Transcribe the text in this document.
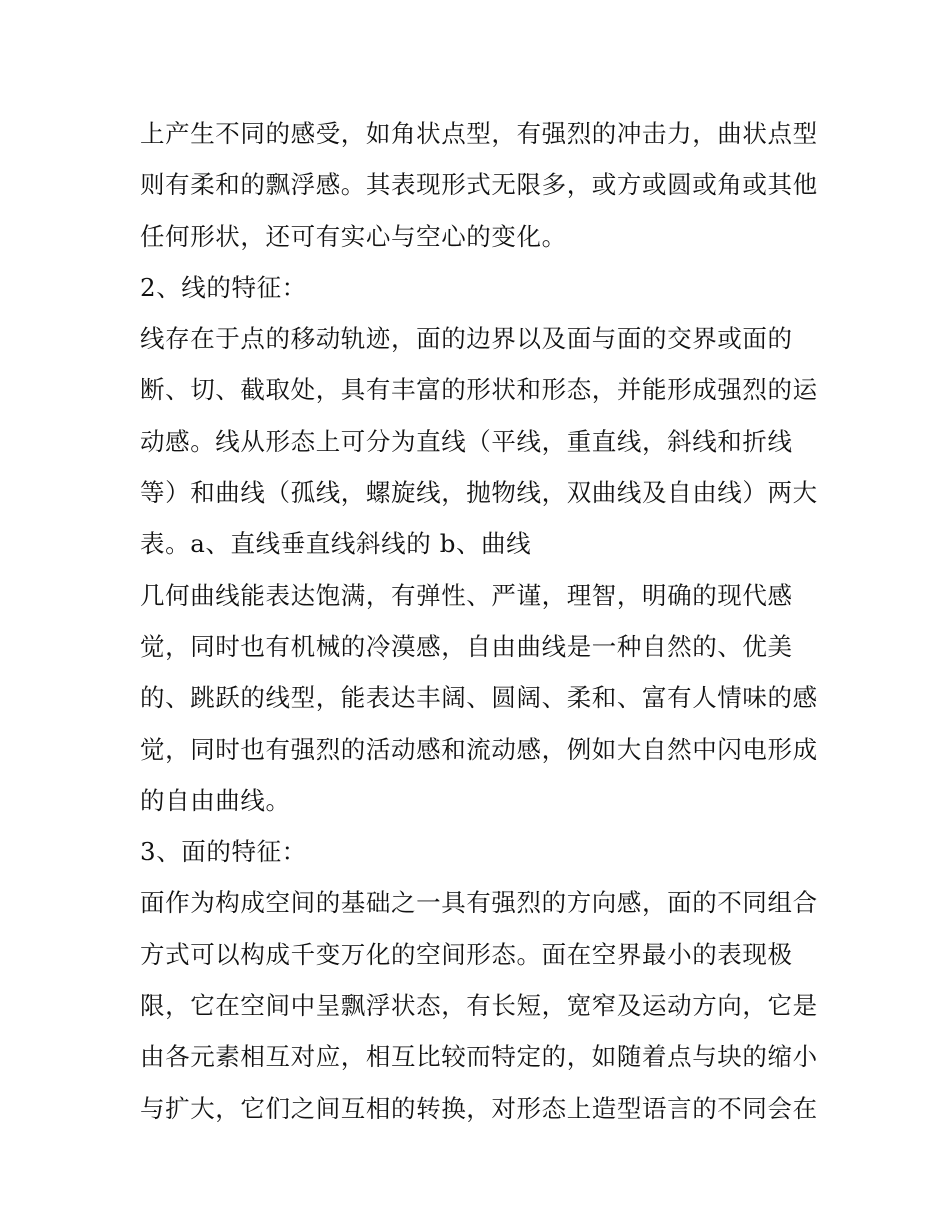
上产生不同的感受，如角状点型，有强烈的冲击力，曲状点型
则有柔和的飘浮感。其表现形式无限多，或方或圆或角或其他
任何形状，还可有实心与空心的变化。
2、线的特征：
线存在于点的移动轨迹，面的边界以及面与面的交界或面的
断、切、截取处，具有丰富的形状和形态，并能形成强烈的运
动感。线从形态上可分为直线（平线，重直线，斜线和折线
等）和曲线（孤线，螺旋线，抛物线，双曲线及自由线）两大
表。a、直线垂直线斜线的 b、曲线
几何曲线能表达饱满，有弹性、严谨，理智，明确的现代感
觉，同时也有机械的冷漠感，自由曲线是一种自然的、优美
的、跳跃的线型，能表达丰阔、圆阔、柔和、富有人情味的感
觉，同时也有强烈的活动感和流动感，例如大自然中闪电形成
的自由曲线。
3、面的特征：
面作为构成空间的基础之一具有强烈的方向感，面的不同组合
方式可以构成千变万化的空间形态。面在空界最小的表现极
限，它在空间中呈飘浮状态，有长短，宽窄及运动方向，它是
由各元素相互对应，相互比较而特定的，如随着点与块的缩小
与扩大，它们之间互相的转换，对形态上造型语言的不同会在
